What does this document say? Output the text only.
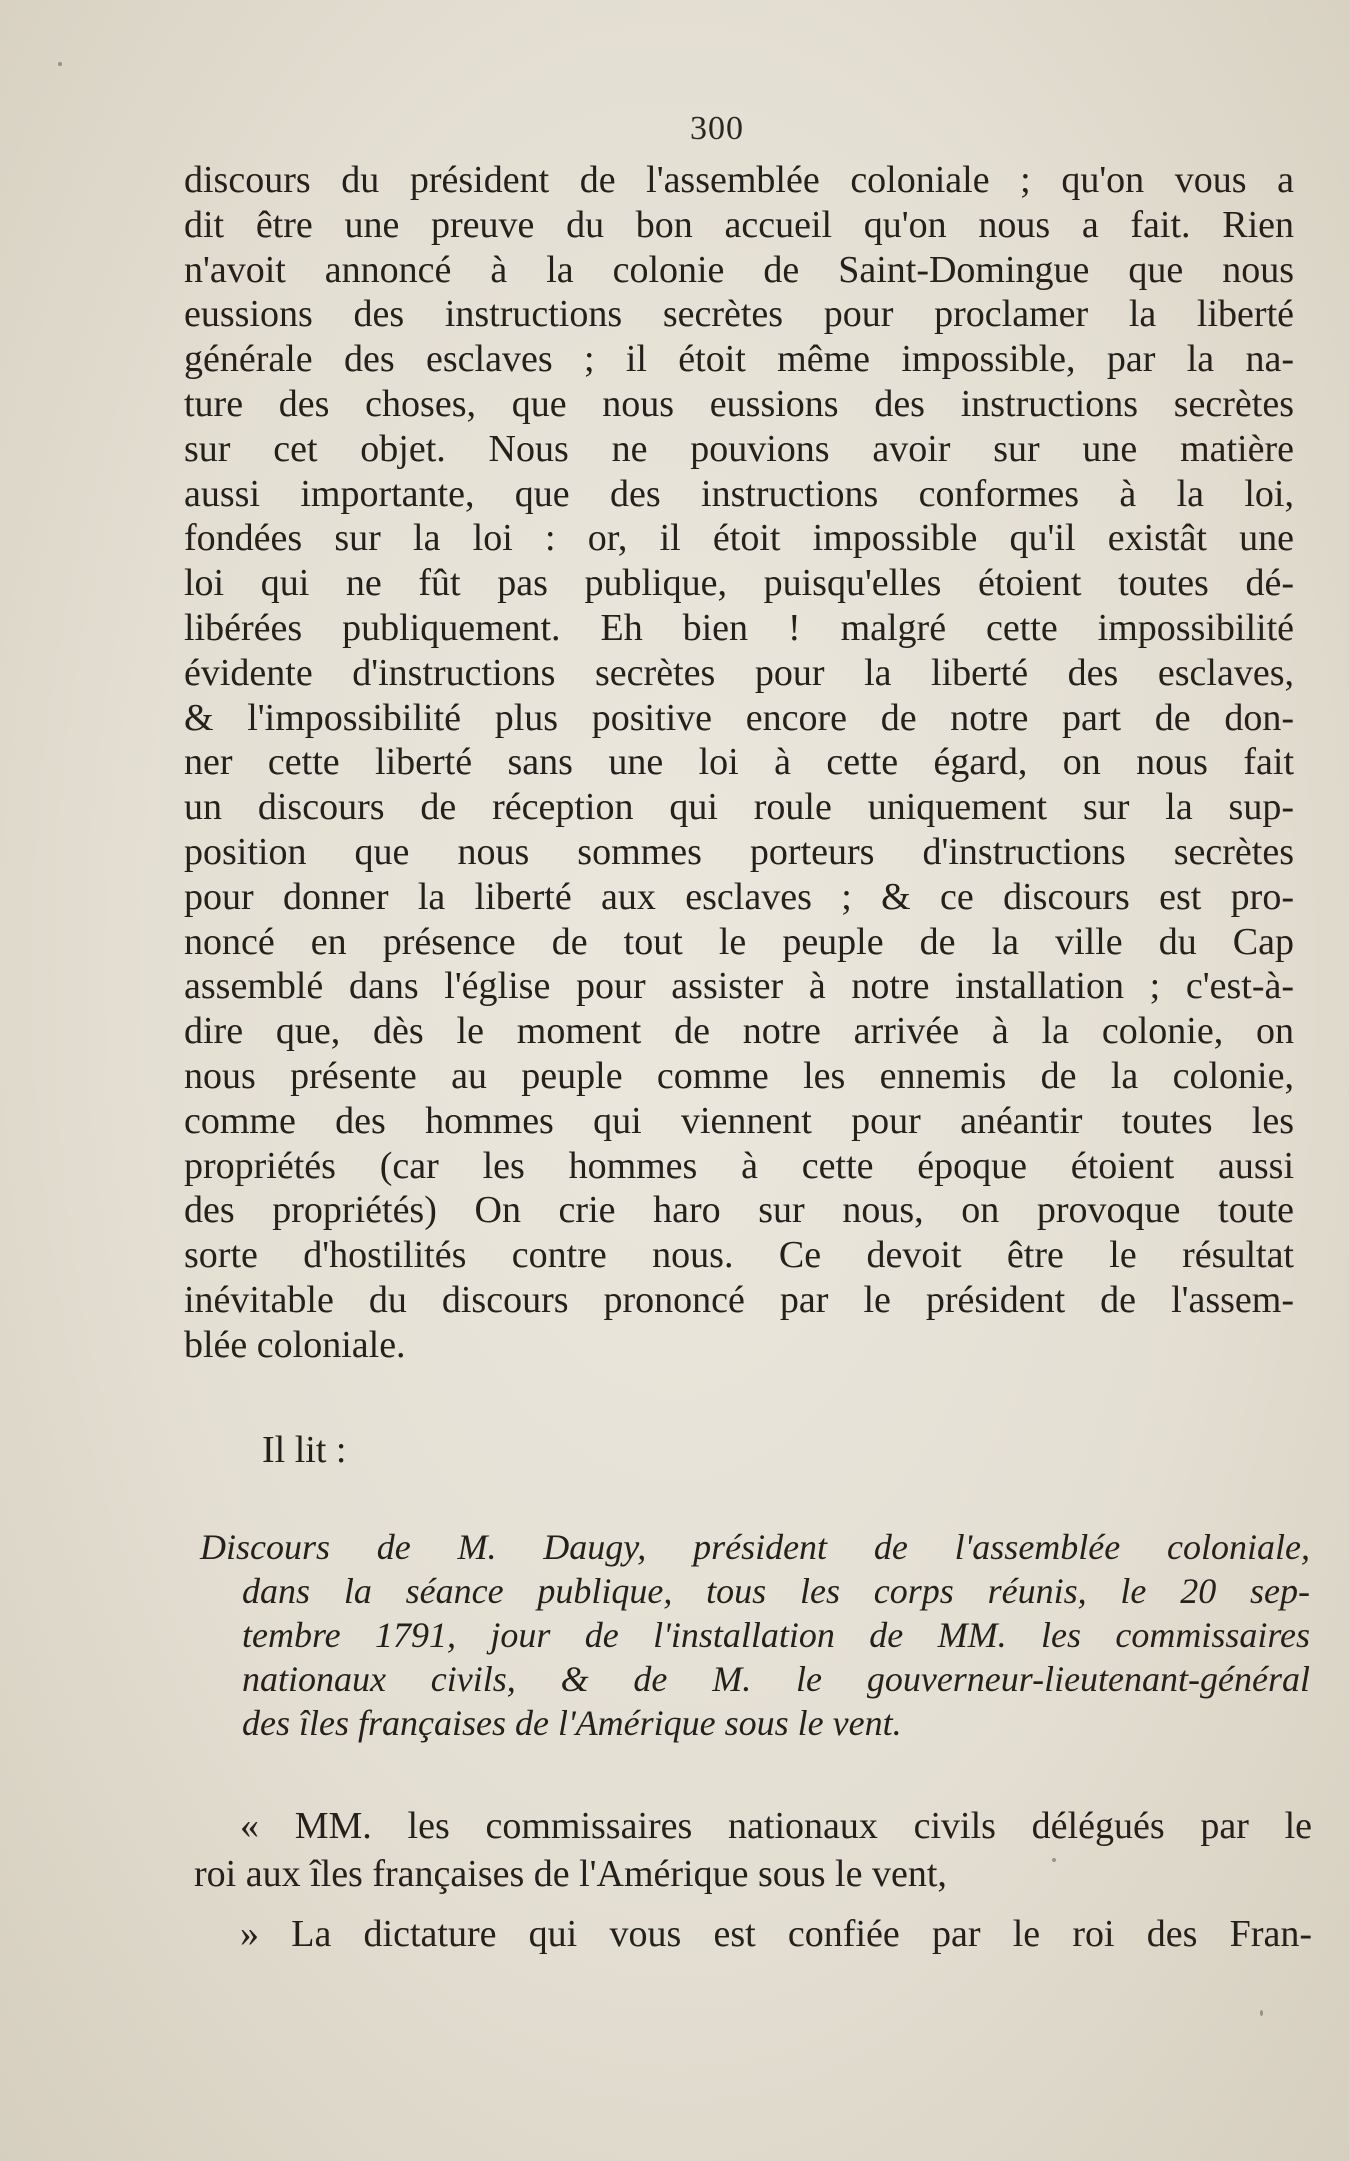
300
discours du président de l'assemblée coloniale ; qu'on vous a
dit être une preuve du bon accueil qu'on nous a fait. Rien
n'avoit annoncé à la colonie de Saint-Domingue que nous
eussions des instructions secrètes pour proclamer la liberté
générale des esclaves ; il étoit même impossible, par la na-
ture des choses, que nous eussions des instructions secrètes
sur cet objet. Nous ne pouvions avoir sur une matière
aussi importante, que des instructions conformes à la loi,
fondées sur la loi : or, il étoit impossible qu'il existât une
loi qui ne fût pas publique, puisqu'elles étoient toutes dé-
libérées publiquement. Eh bien ! malgré cette impossibilité
évidente d'instructions secrètes pour la liberté des esclaves,
& l'impossibilité plus positive encore de notre part de don-
ner cette liberté sans une loi à cette égard, on nous fait
un discours de réception qui roule uniquement sur la sup-
position que nous sommes porteurs d'instructions secrètes
pour donner la liberté aux esclaves ; & ce discours est pro-
noncé en présence de tout le peuple de la ville du Cap
assemblé dans l'église pour assister à notre installation ; c'est-à-
dire que, dès le moment de notre arrivée à la colonie, on
nous présente au peuple comme les ennemis de la colonie,
comme des hommes qui viennent pour anéantir toutes les
propriétés (car les hommes à cette époque étoient aussi
des propriétés) On crie haro sur nous, on provoque toute
sorte d'hostilités contre nous. Ce devoit être le résultat
inévitable du discours prononcé par le président de l'assem-
blée coloniale.
Il lit :
Discours de M. Daugy, président de l'assemblée coloniale,
dans la séance publique, tous les corps réunis, le 20 sep-
tembre 1791, jour de l'installation de MM. les commissaires
nationaux civils, & de M. le gouverneur-lieutenant-général
des îles françaises de l'Amérique sous le vent.
« MM. les commissaires nationaux civils délégués par le
roi aux îles françaises de l'Amérique sous le vent,
» La dictature qui vous est confiée par le roi des Fran-
